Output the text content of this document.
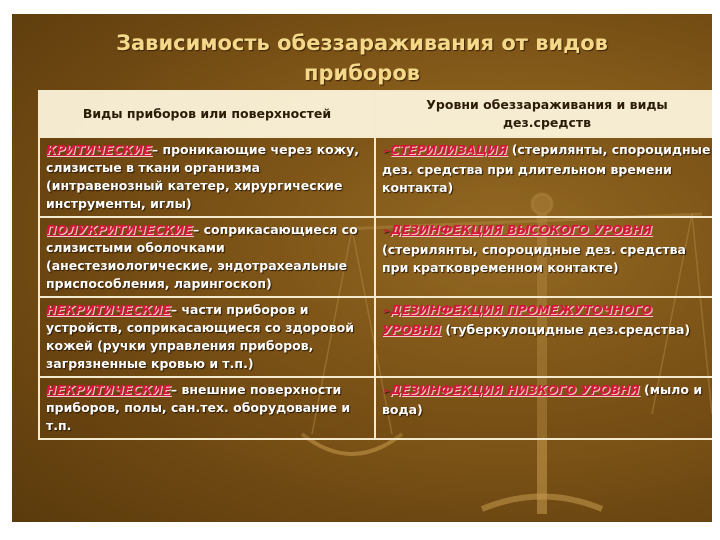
Зависимость обеззараживания от видов
приборов
Виды приборов или поверхностей	Уровни обеззараживания и виды дез.средств
КРИТИЧЕСКИЕ– проникающие через кожу, слизистые в ткани организма (интравенозный катетер, хирургические инструменты, иглы)	➢СТЕРИЛИЗАЦИЯ (стерилянты, спороцидные дез. средства при длительном времени контакта)
ПОЛУКРИТИЧЕСКИЕ– соприкасающиеся со слизистыми оболочками (анестезиологические, эндотрахеальные приспособления, ларингоскоп)	➢ДЕЗИНФЕКЦИЯ ВЫСОКОГО УРОВНЯ (стерилянты, спороцидные дез. средства при кратковременном контакте)
НЕКРИТИЧЕСКИЕ– части приборов и устройств, соприкасающиеся со здоровой кожей (ручки управления приборов, загрязненные кровью и т.п.)	➢ДЕЗИНФЕКЦИЯ ПРОМЕЖУТОЧНОГО УРОВНЯ (туберкулоцидные дез.средства)
НЕКРИТИЧЕСКИЕ– внешние поверхности приборов, полы, сан.тех. оборудование и т.п.	➢ДЕЗИНФЕКЦИЯ НИЗКОГО УРОВНЯ (мыло и вода)
